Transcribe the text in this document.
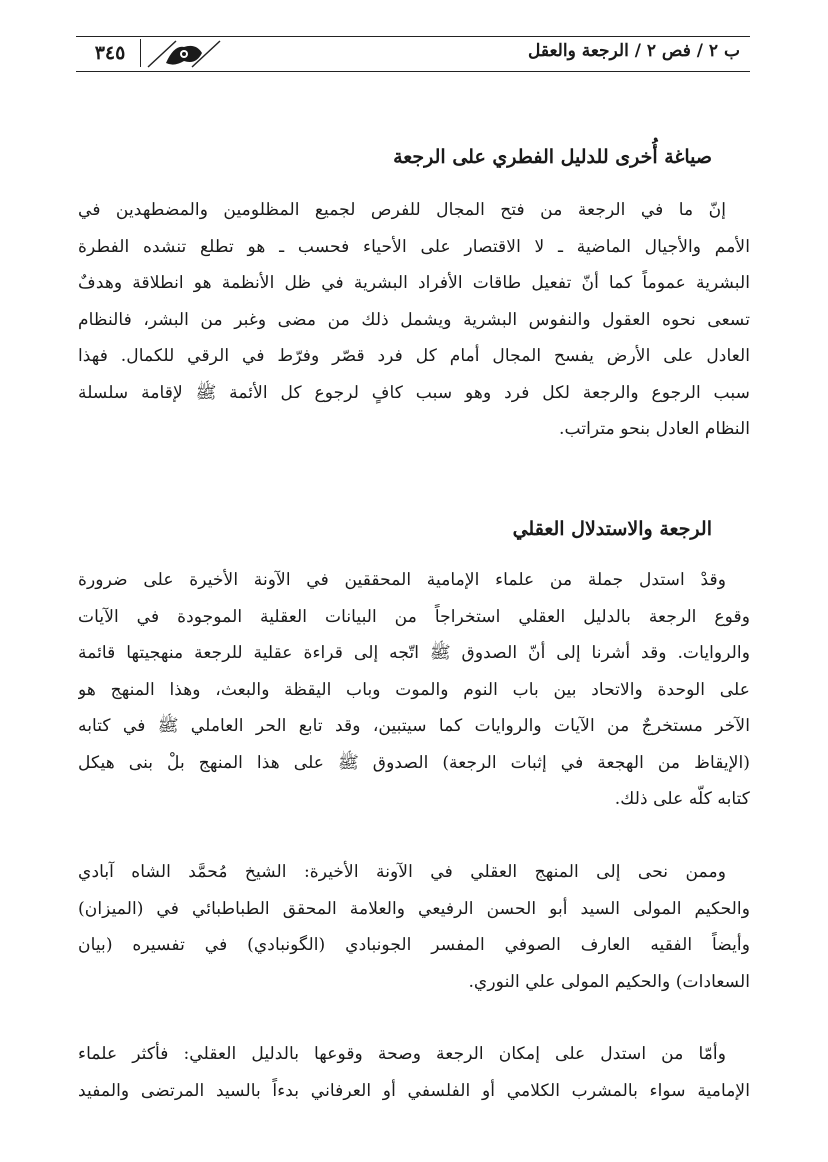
ب ٢ / فص ٢ / الرجعة والعقل
٣٤٥
صياغة أُخرى للدليل الفطري على الرجعة
إنّ ما في الرجعة من فتح المجال للفرص لجميع المظلومين والمضطهدين في
الأمم والأجيال الماضية ـ لا الاقتصار على الأحياء فحسب ـ هو تطلع تنشده الفطرة
البشرية عموماً كما أنّ تفعيل طاقات الأفراد البشرية في ظل الأنظمة هو انطلاقة وهدفٌ
تسعى نحوه العقول والنفوس البشرية ويشمل ذلك من مضى وغبر من البشر، فالنظام
العادل على الأرض يفسح المجال أمام كل فرد قصّر وفرّط في الرقي للكمال. فهذا
سبب الرجوع والرجعة لكل فرد وهو سبب كافٍ لرجوع كل الأئمة ﷺ لإقامة سلسلة
النظام العادل بنحو متراتب.
الرجعة والاستدلال العقلي
وقدْ استدل جملة من علماء الإمامية المحققين في الآونة الأخيرة على ضرورة
وقوع الرجعة بالدليل العقلي استخراجاً من البيانات العقلية الموجودة في الآيات
والروايات. وقد أشرنا إلى أنّ الصدوق ﷺ اتّجه إلى قراءة عقلية للرجعة منهجيتها قائمة
على الوحدة والاتحاد بين باب النوم والموت وباب اليقظة والبعث، وهذا المنهج هو
الآخر مستخرجٌ من الآيات والروايات كما سيتبين، وقد تابع الحر العاملي ﷺ في كتابه
(الإيقاظ من الهجعة في إثبات الرجعة) الصدوق ﷺ على هذا المنهج بلْ بنى هيكل
كتابه كلّه على ذلك.
وممن نحى إلى المنهج العقلي في الآونة الأخيرة: الشيخ مُحمَّد الشاه آبادي
والحكيم المولى السيد أبو الحسن الرفيعي والعلامة المحقق الطباطبائي في (الميزان)
وأيضاً الفقيه العارف الصوفي المفسر الجونبادي (الگونبادي) في تفسيره (بيان
السعادات) والحكيم المولى علي النوري.
وأمّا من استدل على إمكان الرجعة وصحة وقوعها بالدليل العقلي: فأكثر علماء
الإمامية سواء بالمشرب الكلامي أو الفلسفي أو العرفاني بدءاً بالسيد المرتضى والمفيد
